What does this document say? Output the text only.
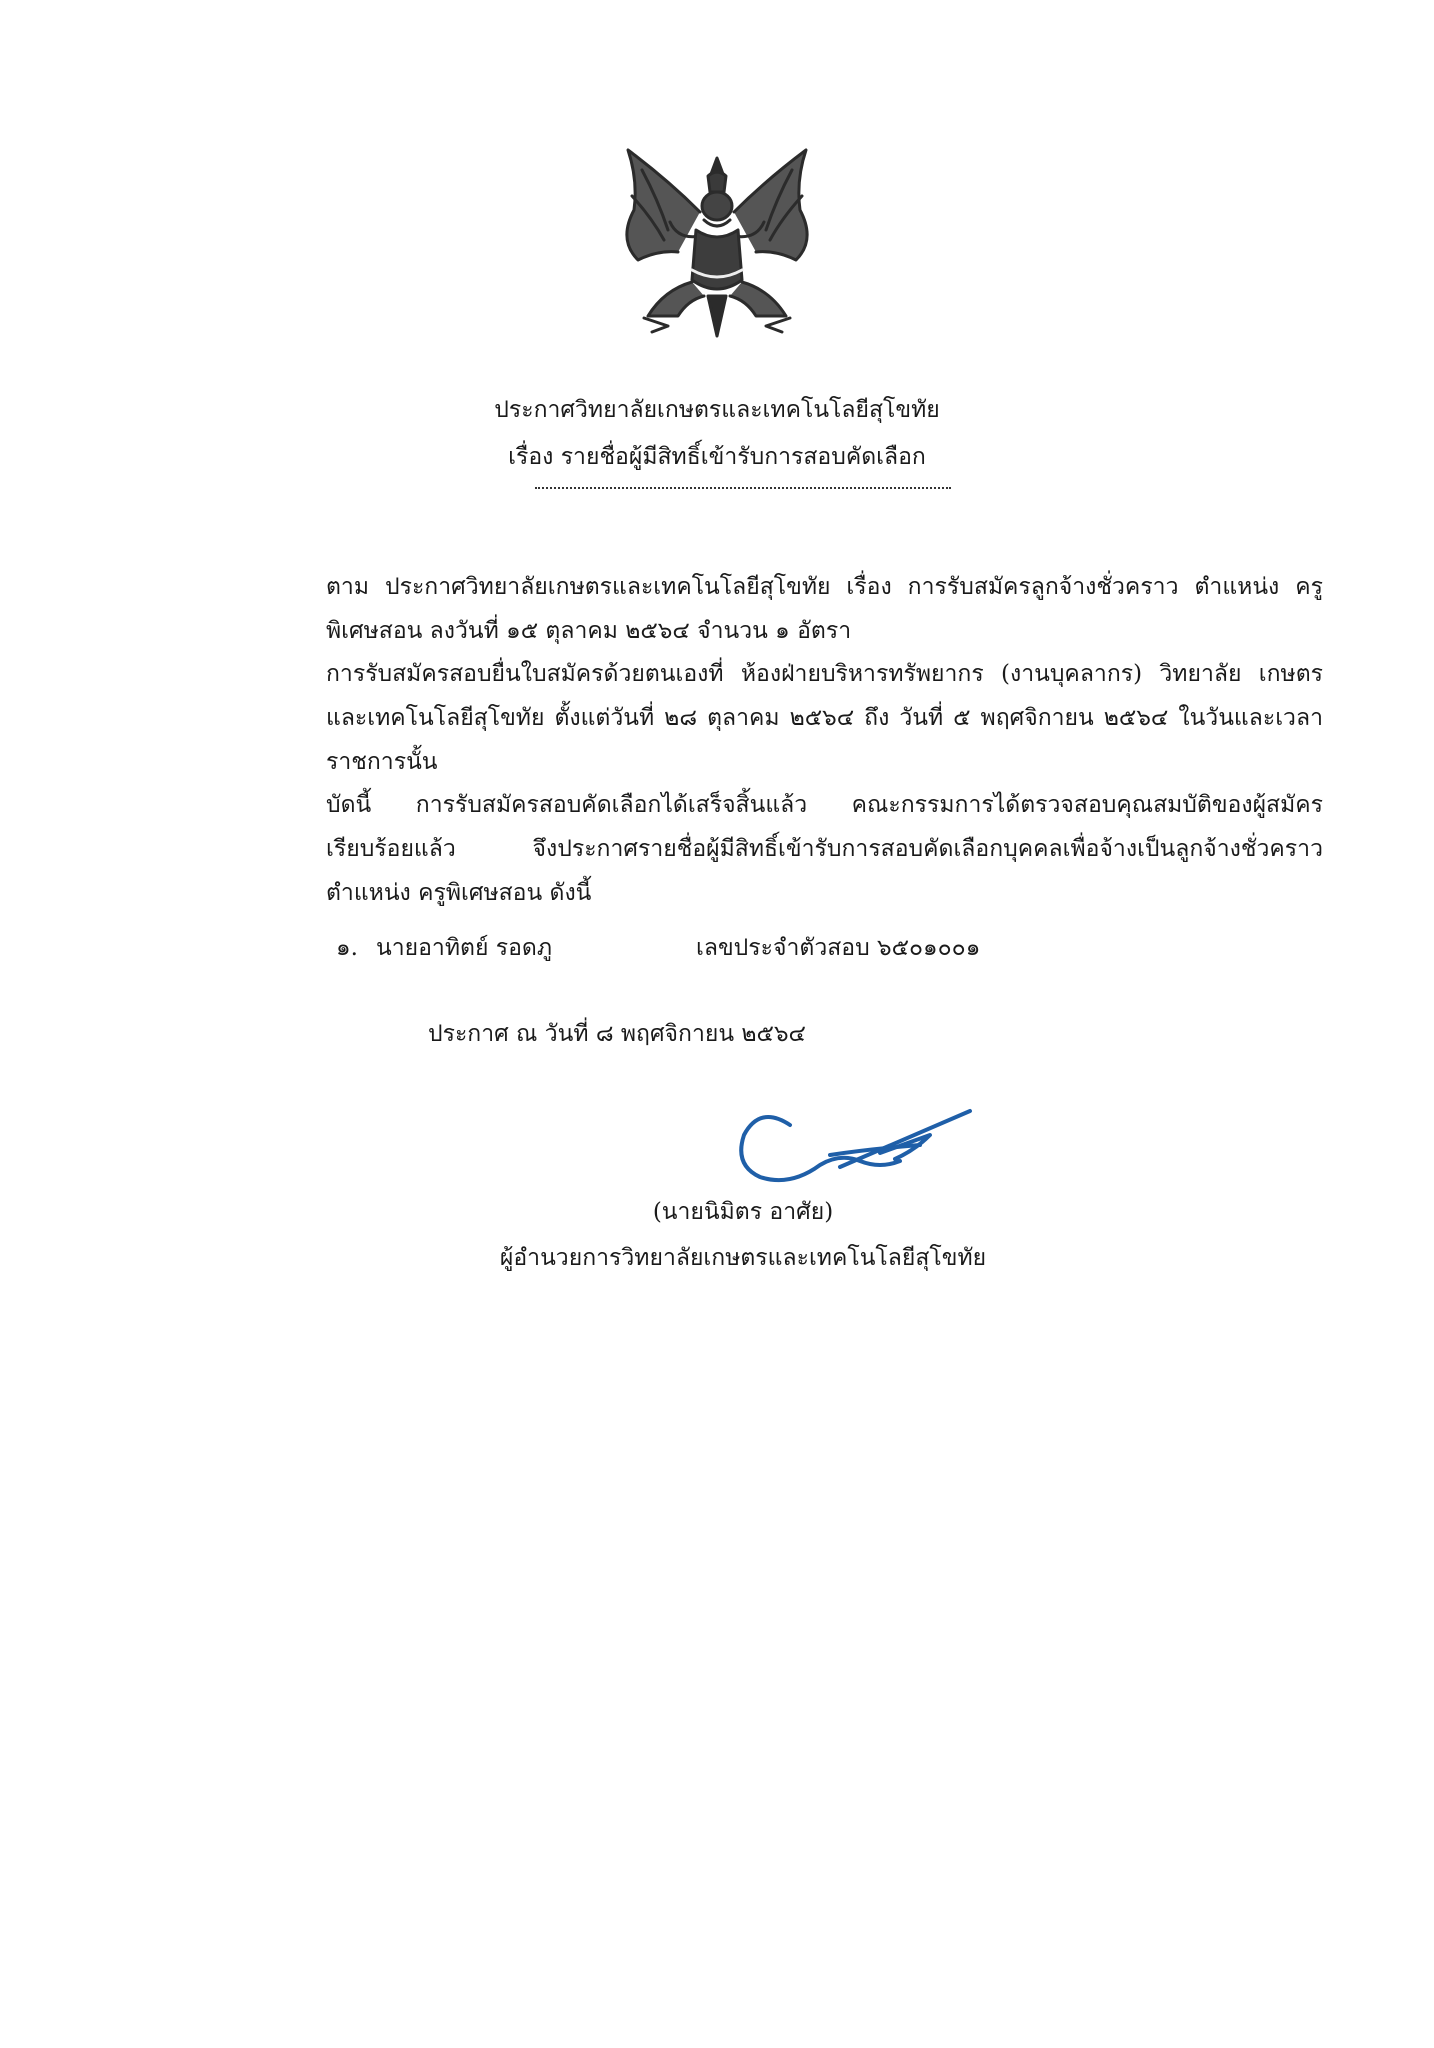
ประกาศวิทยาลัยเกษตรและเทคโนโลยีสุโขทัย
เรื่อง รายชื่อผู้มีสิทธิ์เข้ารับการสอบคัดเลือก
ตาม ประกาศวิทยาลัยเกษตรและเทคโนโลยีสุโขทัย เรื่อง การรับสมัครลูกจ้างชั่วคราว ตำแหน่ง ครูพิเศษสอน ลงวันที่ ๑๕ ตุลาคม ๒๕๖๔ จำนวน ๑ อัตรา
การรับสมัครสอบยื่นใบสมัครด้วยตนเองที่ ห้องฝ่ายบริหารทรัพยากร (งานบุคลากร) วิทยาลัย เกษตรและเทคโนโลยีสุโขทัย ตั้งแต่วันที่ ๒๘ ตุลาคม ๒๕๖๔ ถึง วันที่ ๕ พฤศจิกายน ๒๕๖๔ ในวันและเวลา ราชการนั้น
บัดนี้ การรับสมัครสอบคัดเลือกได้เสร็จสิ้นแล้ว คณะกรรมการได้ตรวจสอบคุณสมบัติของผู้สมัคร เรียบร้อยแล้ว จึงประกาศรายชื่อผู้มีสิทธิ์เข้ารับการสอบคัดเลือกบุคคลเพื่อจ้างเป็นลูกจ้างชั่วคราว ตำแหน่ง ครูพิเศษสอน ดังนี้
๑. นายอาทิตย์ รอดภู	เลขประจำตัวสอบ ๖๕๐๑๐๐๑
ประกาศ ณ วันที่ ๘ พฤศจิกายน ๒๕๖๔
(นายนิมิตร อาศัย)
ผู้อำนวยการวิทยาลัยเกษตรและเทคโนโลยีสุโขทัย
